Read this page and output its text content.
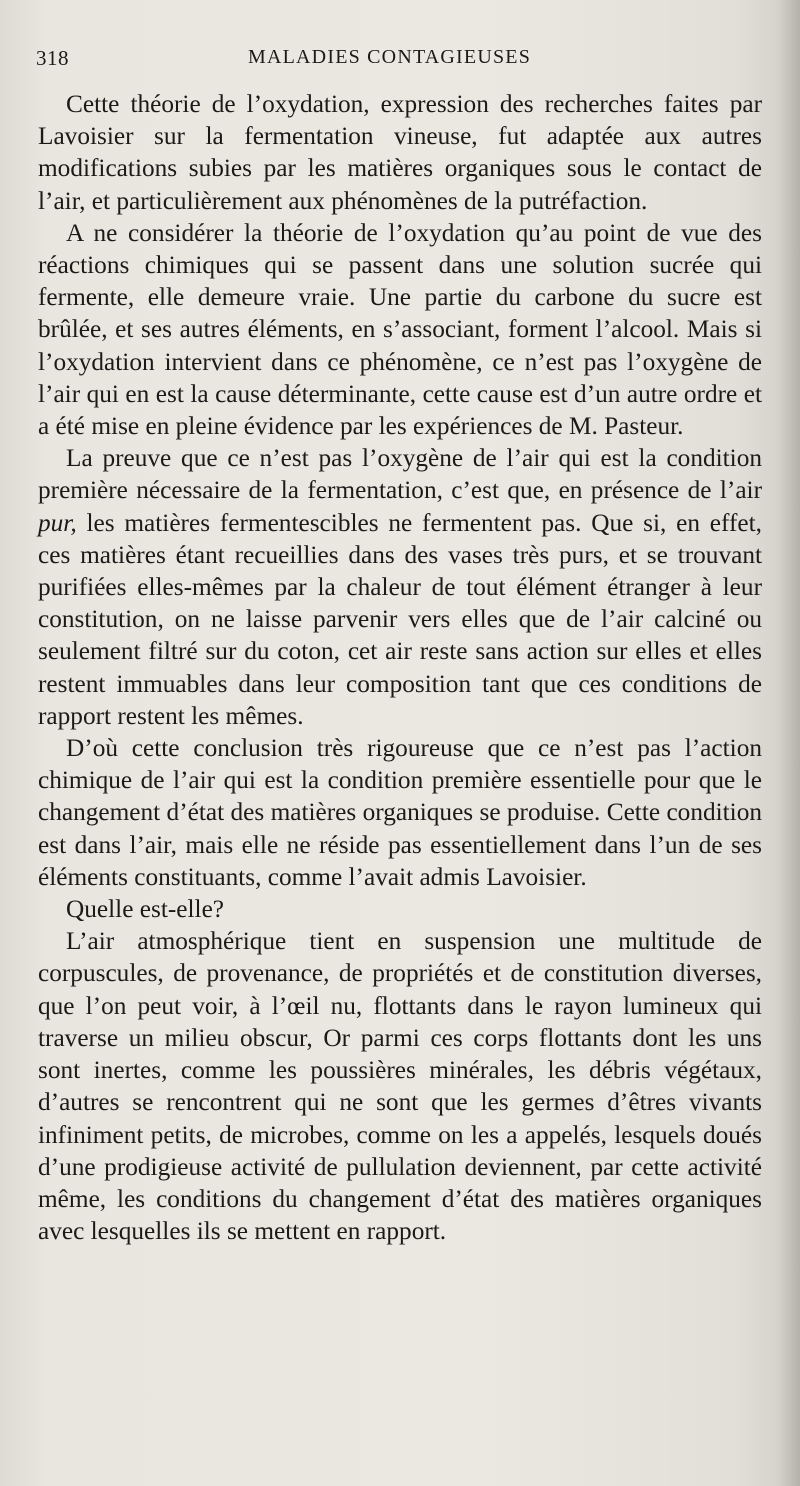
318	MALADIES CONTAGIEUSES

Cette théorie de l’oxydation, expression des recherches faites par Lavoisier sur la fermentation vineuse, fut adaptée aux autres modifications subies par les matières organiques sous le contact de l’air, et particulièrement aux phénomènes de la putréfaction.

A ne considérer la théorie de l’oxydation qu’au point de vue des réactions chimiques qui se passent dans une solution sucrée qui fermente, elle demeure vraie. Une partie du carbone du sucre est brûlée, et ses autres éléments, en s’associant, forment l’alcool. Mais si l’oxydation intervient dans ce phénomène, ce n’est pas l’oxygène de l’air qui en est la cause déterminante, cette cause est d’un autre ordre et a été mise en pleine évidence par les expériences de M. Pasteur.

La preuve que ce n’est pas l’oxygène de l’air qui est la condition première nécessaire de la fermentation, c’est que, en présence de l’air pur, les matières fermentescibles ne fermentent pas. Que si, en effet, ces matières étant recueillies dans des vases très purs, et se trouvant purifiées elles-mêmes par la chaleur de tout élément étranger à leur constitution, on ne laisse parvenir vers elles que de l’air calciné ou seulement filtré sur du coton, cet air reste sans action sur elles et elles restent immuables dans leur composition tant que ces conditions de rapport restent les mêmes.

D’où cette conclusion très rigoureuse que ce n’est pas l’action chimique de l’air qui est la condition première essentielle pour que le changement d’état des matières organiques se produise. Cette condition est dans l’air, mais elle ne réside pas essentiellement dans l’un de ses éléments constituants, comme l’avait admis Lavoisier.

Quelle est-elle?

L’air atmosphérique tient en suspension une multitude de corpuscules, de provenance, de propriétés et de constitution diverses, que l’on peut voir, à l’œil nu, flottants dans le rayon lumineux qui traverse un milieu obscur, Or parmi ces corps flottants dont les uns sont inertes, comme les poussières minérales, les débris végétaux, d’autres se rencontrent qui ne sont que les germes d’êtres vivants infiniment petits, de microbes, comme on les a appelés, lesquels doués d’une prodigieuse activité de pullulation deviennent, par cette activité même, les conditions du changement d’état des matières organiques avec lesquelles ils se mettent en rapport.
